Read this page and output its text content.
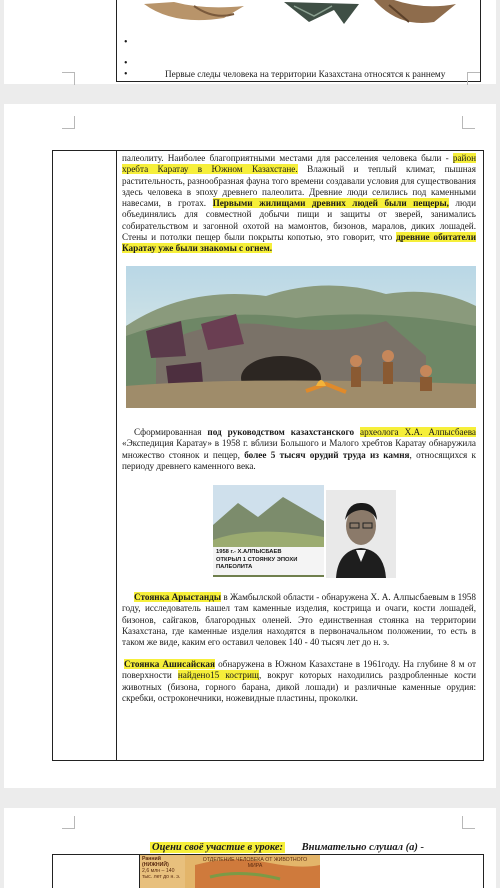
•
•
•	Первые следы человека на территории Казахстана относятся к раннему
палеолиту. Наиболее благоприятными местами для расселения человека были - район хребта Каратау в Южном Казахстане. Влажный и теплый климат, пышная растительность, разнообразная фауна того времени создавали условия для существования здесь человека в эпоху древнего палеолита. Древние люди селились под каменными навесами, в гротах. Первыми жилищами древних людей были пещеры, люди объединялись для совместной добычи пищи и защиты от зверей, занимались собирательством и загонной охотой на мамонтов, бизонов, маралов, диких лошадей. Стены и потолки пещер были покрыты копотью, это говорит, что древние обитатели Каратау уже были знакомы с огнем.
Сформированная под руководством казахстанского археолога Х.А. Алпысбаева «Экспедиция Каратау» в 1958 г. вблизи Большого и Малого хребтов Каратау обнаружила множество стоянок и пещер, более 5 тысяч орудий труда из камня, относящихся к периоду древнего каменного века.
1958 г.- Х.АЛПЫСБАЕВ ОТКРЫЛ 1 СТОЯНКУ ЭПОХИ ПАЛЕОЛИТА
Стоянка Арыстанды в Жамбылской области - обнаружена Х. А. Алпысбаевым в 1958 году, исследователь нашел там каменные изделия, кострища и очаги, кости лошадей, бизонов, сайгаков, благородных оленей. Это единственная стоянка на территории Казахстана, где каменные изделия находятся в первоначальном положении, то есть в таком же виде, каким его оставил человек 140 - 40 тысяч лет до н. э.
Стоянка Ашисайская обнаружена в Южном Казахстане в 1961году. На глубине 8 м от поверхности найдено15 кострищ, вокруг которых находились раздробленные кости животных (бизона, горного барана, дикой лошади) и различные каменные орудия: скребки, остроконечники, ножевидные пластины, проколки.
Оцени своё участие в уроке: Внимательно слушал (а) -
Ранний (НИЖНИЙ)
2,6 млн – 140 тыс. лет до н. э.
ОТДЕЛЕНИЕ ЧЕЛОВЕКА ОТ ЖИВОТНОГО МИРА
